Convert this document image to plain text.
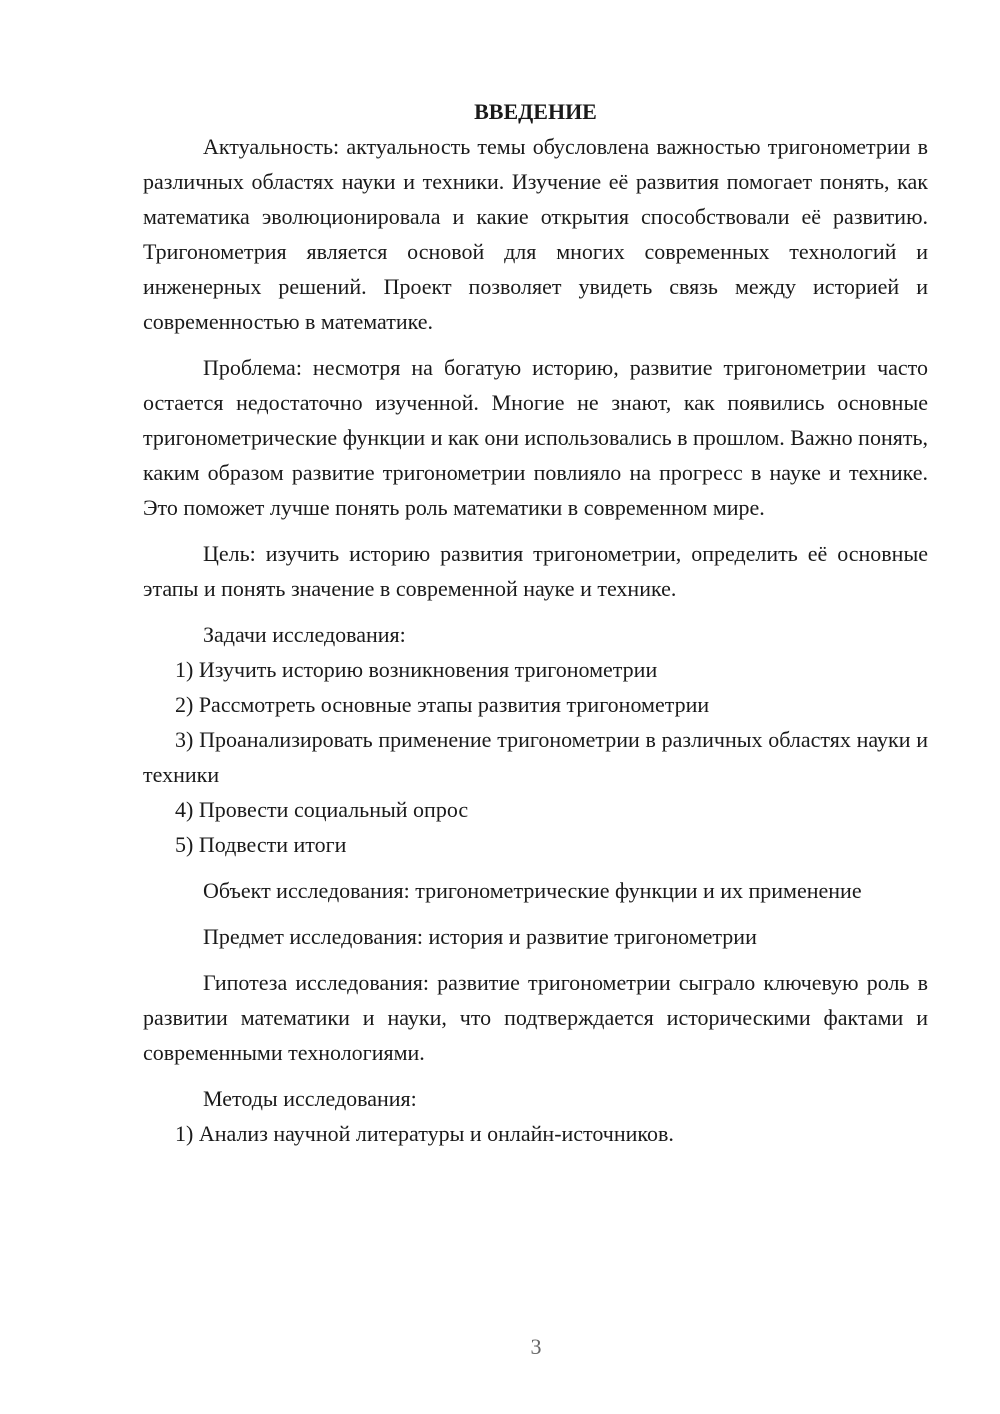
ВВЕДЕНИЕ

Актуальность: актуальность темы обусловлена важностью тригонометрии в различных областях науки и техники. Изучение её развития помогает понять, как математика эволюционировала и какие открытия способствовали её развитию. Тригонометрия является основой для многих современных технологий и инженерных решений. Проект позволяет увидеть связь между историей и современностью в математике.

Проблема: несмотря на богатую историю, развитие тригонометрии часто остается недостаточно изученной. Многие не знают, как появились основные тригонометрические функции и как они использовались в прошлом. Важно понять, каким образом развитие тригонометрии повлияло на прогресс в науке и технике. Это поможет лучше понять роль математики в современном мире.

Цель: изучить историю развития тригонометрии, определить её основные этапы и понять значение в современной науке и технике.

Задачи исследования:

1) Изучить историю возникновения тригонометрии

2) Рассмотреть основные этапы развития тригонометрии

3) Проанализировать применение тригонометрии в различных областях науки и техники

4) Провести социальный опрос

5) Подвести итоги

Объект исследования: тригонометрические функции и их применение

Предмет исследования: история и развитие тригонометрии

Гипотеза исследования: развитие тригонометрии сыграло ключевую роль в развитии математики и науки, что подтверждается историческими фактами и современными технологиями.

Методы исследования:

1) Анализ научной литературы и онлайн-источников.

3
